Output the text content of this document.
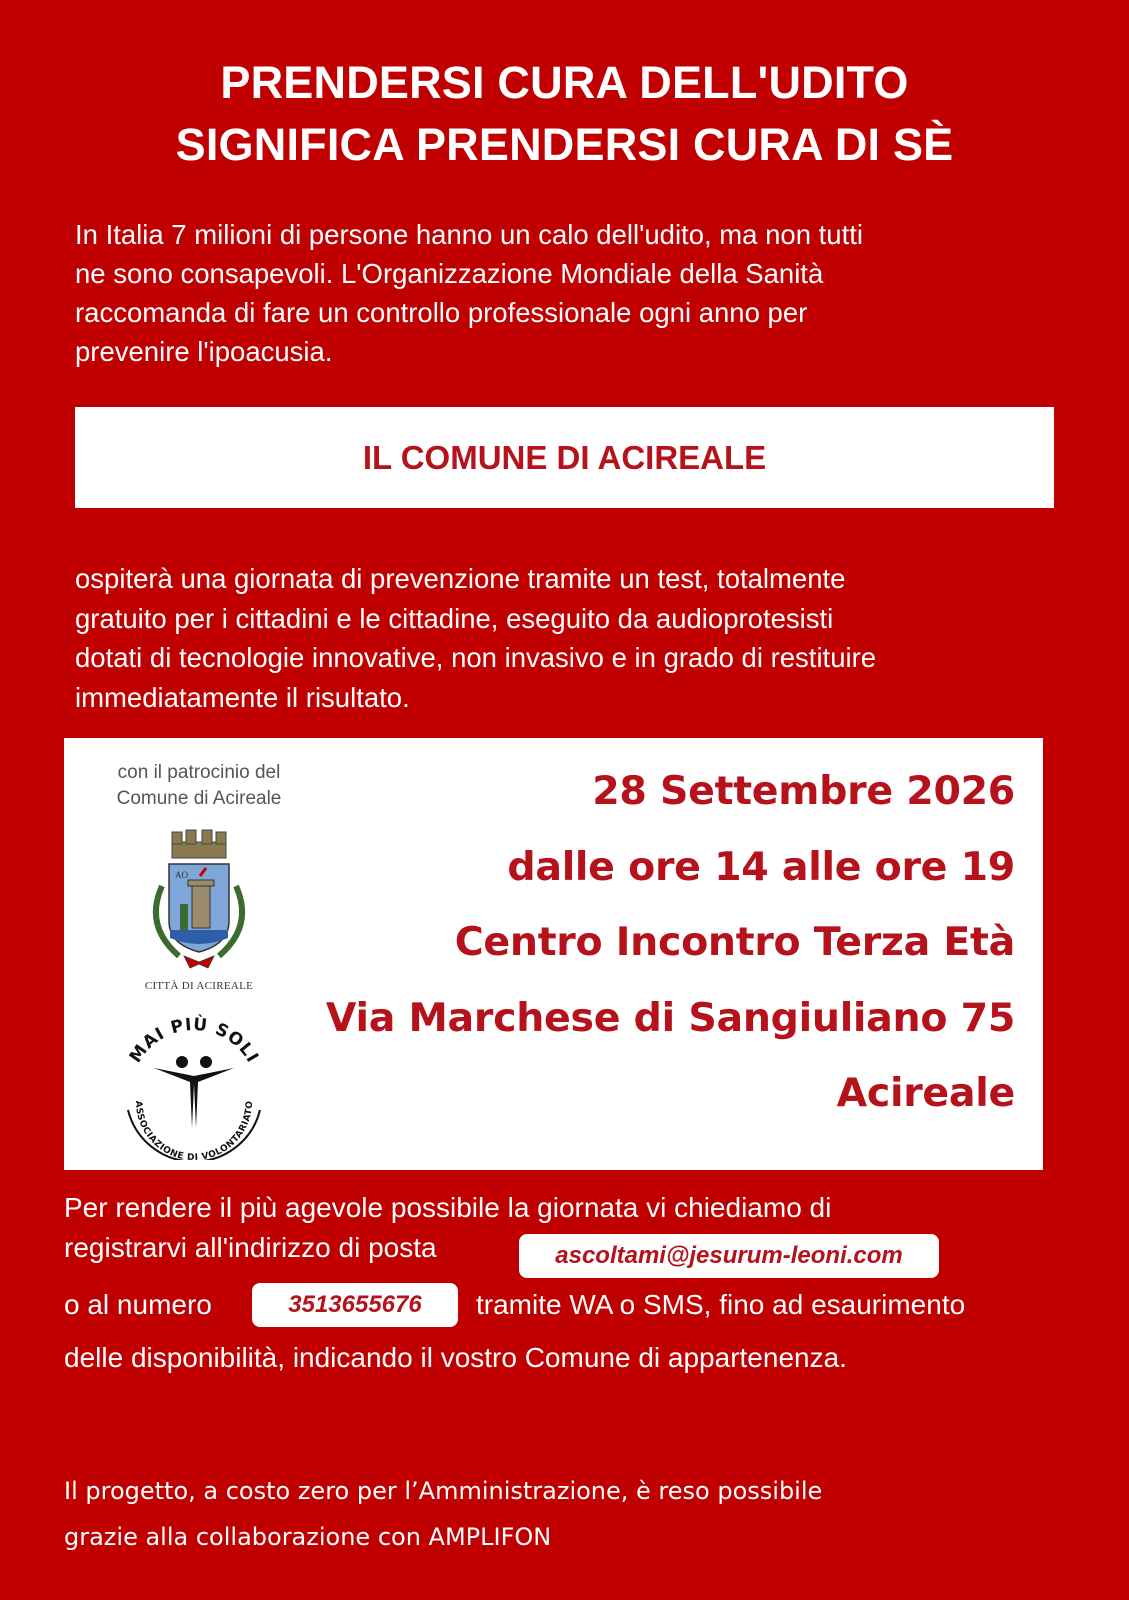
PRENDERSI CURA DELL'UDITO
SIGNIFICA PRENDERSI CURA DI SÈ
In Italia 7 milioni di persone hanno un calo dell'udito, ma non tutti
ne sono consapevoli. L'Organizzazione Mondiale della Sanità
raccomanda di fare un controllo professionale ogni anno per
prevenire l'ipoacusia.
IL COMUNE DI ACIREALE
ospiterà una giornata di prevenzione tramite un test, totalmente
gratuito per i cittadini e le cittadine, eseguito da audioprotesisti
dotati di tecnologie innovative, non invasivo e in grado di restituire
immediatamente il risultato.
con il patrocinio del
Comune di Acireale
AO
CITTÀ DI ACIREALE
MAI PIÙ SOLI
ASSOCIAZIONE DI VOLONTARIATO
28 Settembre 2026
dalle ore 14 alle ore 19
Centro Incontro Terza Età
Via Marchese di Sangiuliano 75
Acireale
Per rendere il più agevole possibile la giornata vi chiediamo di
registrarvi all'indirizzo di posta	ascoltami@jesurum-leoni.com
o al numero	3513655676	tramite WA o SMS, fino ad esaurimento
delle disponibilità, indicando il vostro Comune di appartenenza.
Il progetto, a costo zero per l’Amministrazione, è reso possibile
grazie alla collaborazione con AMPLIFON
